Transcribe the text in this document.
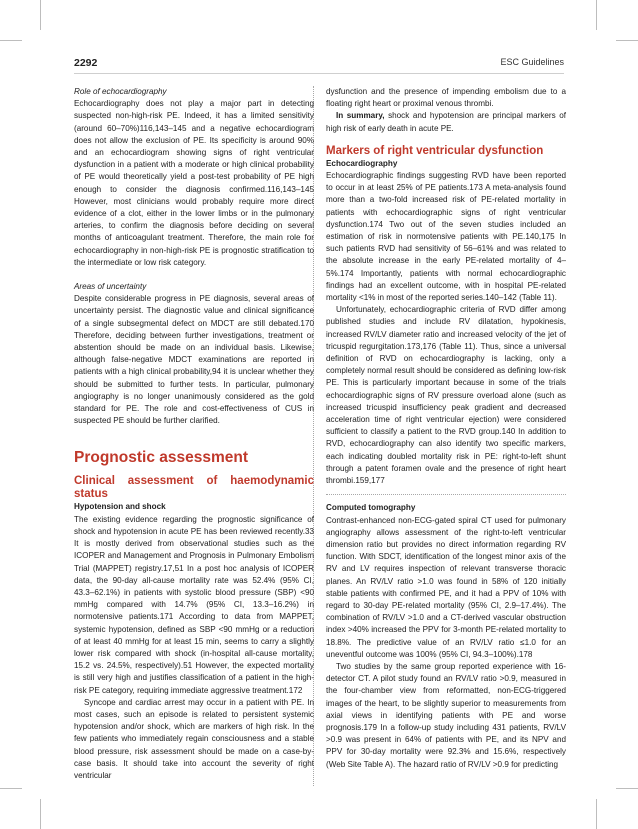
2292	ESC Guidelines

Role of echocardiography

Echocardiography does not play a major part in detecting suspected non-high-risk PE. Indeed, it has a limited sensitivity (around 60–70%)116,143–145 and a negative echocardiogram does not allow the exclusion of PE. Its specificity is around 90% and an echocardiogram showing signs of right ventricular dysfunction in a patient with a moderate or high clinical probability of PE would theoretically yield a post-test probability of PE high enough to consider the diagnosis confirmed.116,143–145 However, most clinicians would probably require more direct evidence of a clot, either in the lower limbs or in the pulmonary arteries, to confirm the diagnosis before deciding on several months of anticoagulant treatment. Therefore, the main role for echocardiography in non-high-risk PE is prognostic stratification to the intermediate or low risk category.

Areas of uncertainty

Despite considerable progress in PE diagnosis, several areas of uncertainty persist. The diagnostic value and clinical significance of a single subsegmental defect on MDCT are still debated.170 Therefore, deciding between further investigations, treatment or abstention should be made on an individual basis. Likewise, although false-negative MDCT examinations are reported in patients with a high clinical probability,94 it is unclear whether they should be submitted to further tests. In particular, pulmonary angiography is no longer unanimously considered as the gold standard for PE. The role and cost-effectiveness of CUS in suspected PE should be further clarified.

Prognostic assessment

Clinical assessment of haemodynamic status

Hypotension and shock

The existing evidence regarding the prognostic significance of shock and hypotension in acute PE has been reviewed recently.33 It is mostly derived from observational studies such as the ICOPER and Management and Prognosis in Pulmonary Embolism Trial (MAPPET) registry.17,51 In a post hoc analysis of ICOPER data, the 90-day all-cause mortality rate was 52.4% (95% CI, 43.3–62.1%) in patients with systolic blood pressure (SBP) <90 mmHg compared with 14.7% (95% CI, 13.3–16.2%) in normotensive patients.171 According to data from MAPPET, systemic hypotension, defined as SBP <90 mmHg or a reduction of at least 40 mmHg for at least 15 min, seems to carry a slightly lower risk compared with shock (in-hospital all-cause mortality, 15.2 vs. 24.5%, respectively).51 However, the expected mortality is still very high and justifies classification of a patient in the high-risk PE category, requiring immediate aggressive treatment.172

Syncope and cardiac arrest may occur in a patient with PE. In most cases, such an episode is related to persistent systemic hypotension and/or shock, which are markers of high risk. In the few patients who immediately regain consciousness and a stable blood pressure, risk assessment should be made on a case-by-case basis. It should take into account the severity of right ventricular

dysfunction and the presence of impending embolism due to a floating right heart or proximal venous thrombi.

In summary, shock and hypotension are principal markers of high risk of early death in acute PE.

Markers of right ventricular dysfunction

Echocardiography

Echocardiographic findings suggesting RVD have been reported to occur in at least 25% of PE patients.173 A meta-analysis found more than a two-fold increased risk of PE-related mortality in patients with echocardiographic signs of right ventricular dysfunction.174 Two out of the seven studies included an estimation of risk in normotensive patients with PE.140,175 In such patients RVD had sensitivity of 56–61% and was related to the absolute increase in the early PE-related mortality of 4–5%.174 Importantly, patients with normal echocardiographic findings had an excellent outcome, with in hospital PE-related mortality <1% in most of the reported series.140–142 (Table 11).

Unfortunately, echocardiographic criteria of RVD differ among published studies and include RV dilatation, hypokinesis, increased RV/LV diameter ratio and increased velocity of the jet of tricuspid regurgitation.173,176 (Table 11). Thus, since a universal definition of RVD on echocardiography is lacking, only a completely normal result should be considered as defining low-risk PE. This is particularly important because in some of the trials echocardiographic signs of RV pressure overload alone (such as increased tricuspid insufficiency peak gradient and decreased acceleration time of right ventricular ejection) were considered sufficient to classify a patient to the RVD group.140 In addition to RVD, echocardiography can also identify two specific markers, each indicating doubled mortality risk in PE: right-to-left shunt through a patent foramen ovale and the presence of right heart thrombi.159,177

Computed tomography

Contrast-enhanced non-ECG-gated spiral CT used for pulmonary angiography allows assessment of the right-to-left ventricular dimension ratio but provides no direct information regarding RV function. With SDCT, identification of the longest minor axis of the RV and LV requires inspection of relevant transverse thoracic planes. An RV/LV ratio >1.0 was found in 58% of 120 initially stable patients with confirmed PE, and it had a PPV of 10% with regard to 30-day PE-related mortality (95% CI, 2.9–17.4%). The combination of RV/LV >1.0 and a CT-derived vascular obstruction index >40% increased the PPV for 3-month PE-related mortality to 18.8%. The predictive value of an RV/LV ratio ≤1.0 for an uneventful outcome was 100% (95% CI, 94.3–100%).178

Two studies by the same group reported experience with 16-detector CT. A pilot study found an RV/LV ratio >0.9, measured in the four-chamber view from reformatted, non-ECG-triggered images of the heart, to be slightly superior to measurements from axial views in identifying patients with PE and worse prognosis.179 In a follow-up study including 431 patients, RV/LV >0.9 was present in 64% of patients with PE, and its NPV and PPV for 30-day mortality were 92.3% and 15.6%, respectively (Web Site Table A). The hazard ratio of RV/LV >0.9 for predicting
